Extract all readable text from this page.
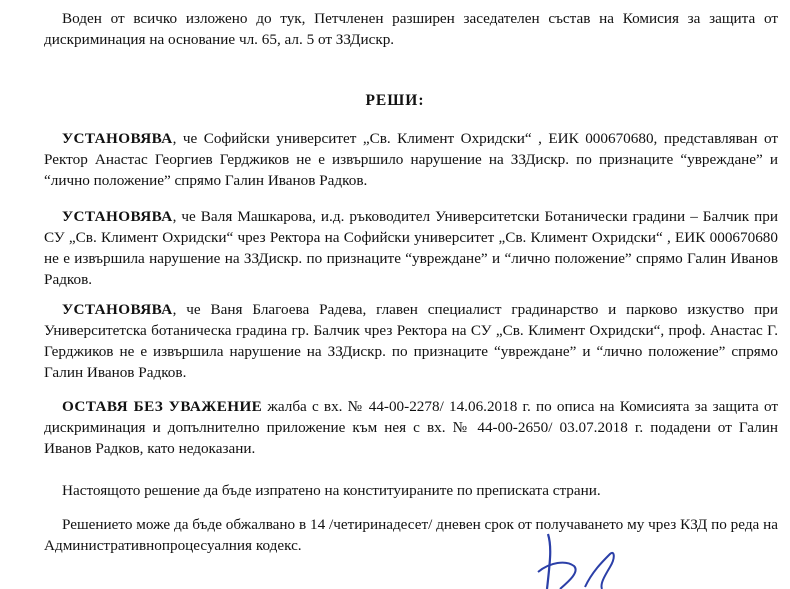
Воден от всичко изложено до тук, Петчленен разширен заседателен състав на Комисия за защита от дискриминация на основание чл. 65, ал. 5 от ЗЗДискр.

РЕШИ:

УСТАНОВЯВА, че Софийски университет „Св. Климент Охридски“ , ЕИК 000670680, представляван от Ректор Анастас Георгиев Герджиков не е извършило нарушение на ЗЗДискр. по признаците “увреждане” и “лично положение” спрямо Галин Иванов Радков.

УСТАНОВЯВА, че Валя Машкарова, и.д. ръководител Университетски Ботанически градини – Балчик при СУ „Св. Климент Охридски“ чрез Ректора на Софийски университет „Св. Климент Охридски“ , ЕИК 000670680 не е извършила нарушение на ЗЗДискр. по признаците “увреждане” и “лично положение” спрямо Галин Иванов Радков.

УСТАНОВЯВА, че Ваня Благоева Радева, главен специалист градинарство и парково изкуство при Университетска ботаническа градина гр. Балчик чрез Ректора на СУ „Св. Климент Охридски“, проф. Анастас Г. Герджиков не е извършила нарушение на ЗЗДискр. по признаците “увреждане” и “лично положение” спрямо Галин Иванов Радков.

ОСТАВЯ БЕЗ УВАЖЕНИЕ жалба с вх. № 44-00-2278/ 14.06.2018 г. по описа на Комисията за защита от дискриминация и допълнително приложение към нея с вх. № 44-00-2650/ 03.07.2018 г. подадени от Галин Иванов Радков, като недоказани.

Настоящото решение да бъде изпратено на конституираните по преписката страни.

Решението може да бъде обжалвано в 14 /четиринадесет/ дневен срок от получаването му чрез КЗД по реда на Административнопроцесуалния кодекс.
